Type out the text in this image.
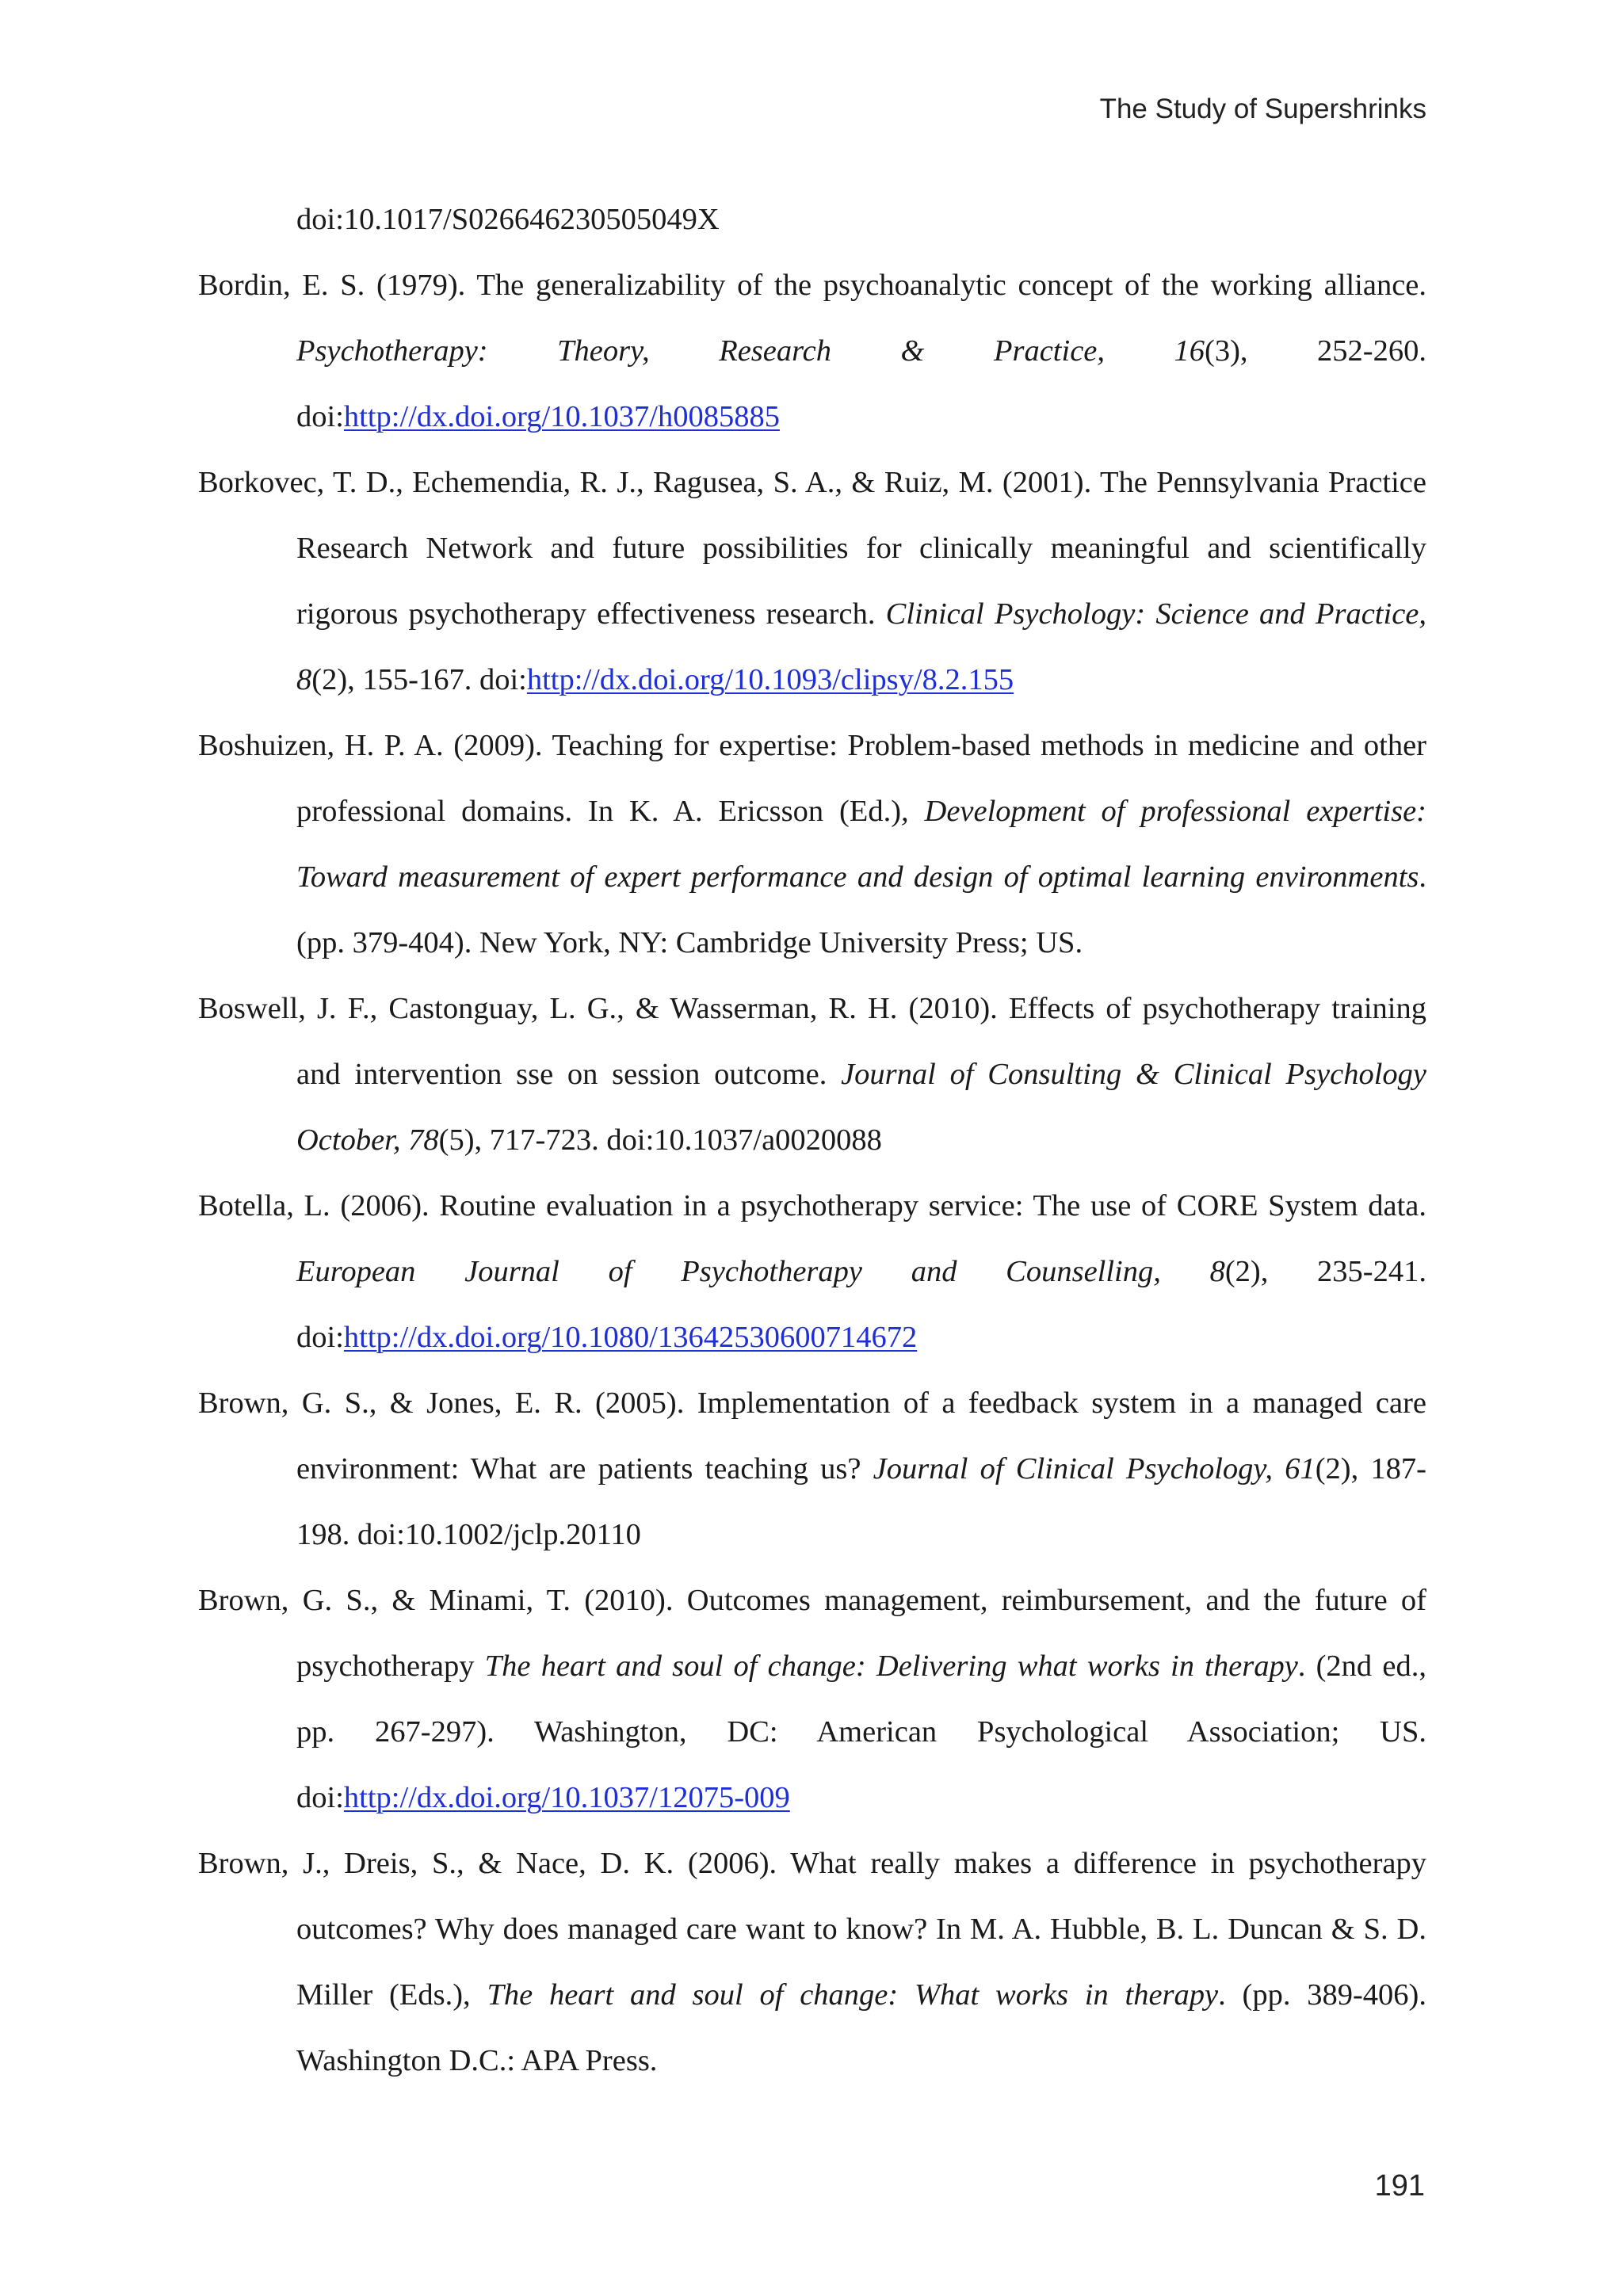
The Study of Supershrinks

doi:10.1017/S026646230505049X

Bordin, E. S. (1979). The generalizability of the psychoanalytic concept of the working alliance. Psychotherapy: Theory, Research & Practice, 16(3), 252-260. doi:http://dx.doi.org/10.1037/h0085885

Borkovec, T. D., Echemendia, R. J., Ragusea, S. A., & Ruiz, M. (2001). The Pennsylvania Practice Research Network and future possibilities for clinically meaningful and scientifically rigorous psychotherapy effectiveness research. Clinical Psychology: Science and Practice, 8(2), 155-167. doi:http://dx.doi.org/10.1093/clipsy/8.2.155

Boshuizen, H. P. A. (2009). Teaching for expertise: Problem-based methods in medicine and other professional domains. In K. A. Ericsson (Ed.), Development of professional expertise: Toward measurement of expert performance and design of optimal learning environments. (pp. 379-404). New York, NY: Cambridge University Press; US.

Boswell, J. F., Castonguay, L. G., & Wasserman, R. H. (2010). Effects of psychotherapy training and intervention sse on session outcome. Journal of Consulting & Clinical Psychology October, 78(5), 717-723. doi:10.1037/a0020088

Botella, L. (2006). Routine evaluation in a psychotherapy service: The use of CORE System data. European Journal of Psychotherapy and Counselling, 8(2), 235-241. doi:http://dx.doi.org/10.1080/13642530600714672

Brown, G. S., & Jones, E. R. (2005). Implementation of a feedback system in a managed care environment: What are patients teaching us? Journal of Clinical Psychology, 61(2), 187-198. doi:10.1002/jclp.20110

Brown, G. S., & Minami, T. (2010). Outcomes management, reimbursement, and the future of psychotherapy The heart and soul of change: Delivering what works in therapy. (2nd ed., pp. 267-297). Washington, DC: American Psychological Association; US. doi:http://dx.doi.org/10.1037/12075-009

Brown, J., Dreis, S., & Nace, D. K. (2006). What really makes a difference in psychotherapy outcomes? Why does managed care want to know? In M. A. Hubble, B. L. Duncan & S. D. Miller (Eds.), The heart and soul of change: What works in therapy. (pp. 389-406). Washington D.C.: APA Press.

191
